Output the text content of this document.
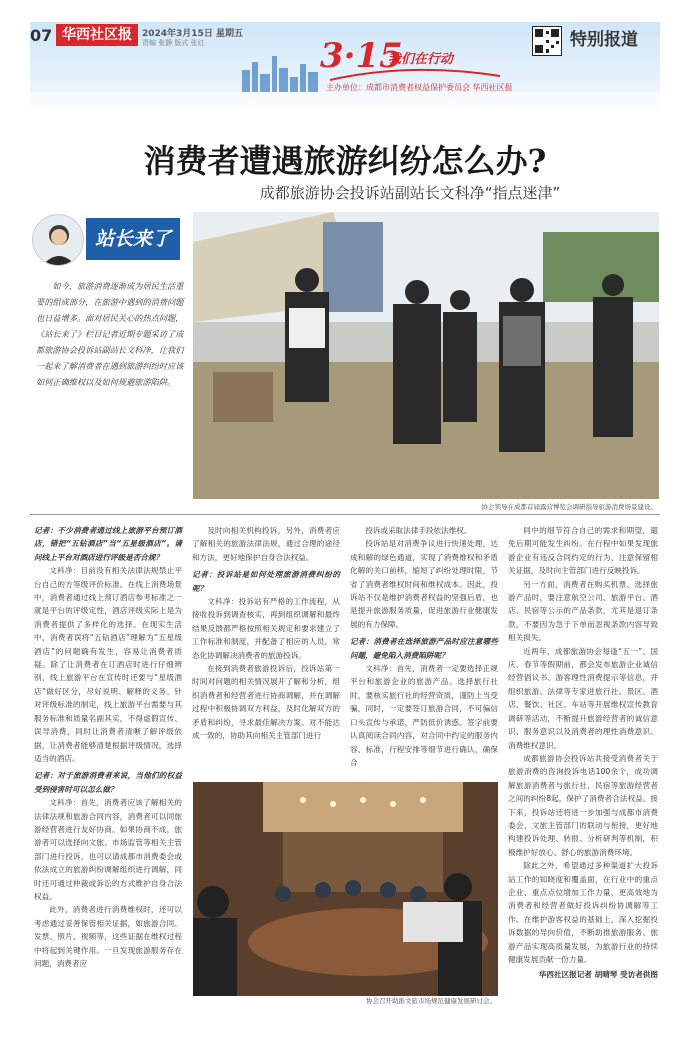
07 华西社区报	2024年3月15日 星期五
责编 张静 版式 张红	3·15
我们在行动
主办单位：成都市消费者权益保护委员会 华西社区报
特别报道
消费者遭遇旅游纠纷怎么办?
成都旅游协会投诉站副站长文科净“指点迷津”
站长来了
如今，旅游消费逐渐成为居民生活重要的组成部分，在旅游中遇到的消费问题也日益增多。面对居民关心的热点问题，《站长来了》栏目记者近期专题采访了成都旅游协会投诉站副站长文科净，让我们一起来了解消费者在遇到旅游纠纷时应该如何正确维权以及如何规避旅游陷阱。
协会领导在成都首届露营博览会调研指导旅游消费场景建设。

记者：不少消费者通过线上旅游平台预订酒店，错把“五钻酒店”当“五星级酒店”。请问线上平台对酒店进行评级是否合规？

文科净：目前没有相关法律法规禁止平台自己的方等级评价标准。在线上消费场景中，消费者通过线上预订酒店参考标准之一就是平台的评级定性，酒店评级实际上是为消费者提供了多样化的选择。在现实生活中，消费者误将“五钻酒店”理解为“五星级酒店”的问题确有发生，容易让消费者质疑。除了让消费者在订酒店时进行仔细辨别，线上旅游平台在宣传时还要与“星级酒店”做好区分，尽好说明、解释的义务。针对评级标准的制定，线上旅游平台需要与其服务标准和质量名副其实，不得虚假宣传、误导消费，同时让消费者清晰了解评级依据，让消费者能够清楚根据评级情况，选择适当的酒店。

记者：对于旅游消费者来说，当他们的权益受到侵害时可以怎么做？

文科净：首先，消费者应该了解相关的法律法规和旅游合同内容，消费者可以同旅游经营者进行友好协商。如果协商不成，旅游者可以选择向文旅、市场监管等相关主管部门进行投诉，也可以请成都市消费委会或依法成立的旅游纠纷调解组织进行调解，同时还可通过仲裁或诉讼的方式维护自身合法权益。

此外，消费者进行消费维权时，还可以考虑通过妥善保管相关证据，如旅游合同、发票、照片、视频等，这些证据在维权过程中将起到关键作用。一旦发现旅游服务存在问题，消费者应

及时向相关机构投诉，另外，消费者应了解相关的旅游法律法规，通过合理的途径和方法，更好地保护自身合法权益。

记者：投诉站是如何处理旅游消费纠纷的呢？

文科净：投诉站有严格的工作流程，从接收投诉到调查核实，再到组织调解和最终结果反馈都严格按照相关规定和要求建立了工作标准和制度，并配备了相应的人员，常态化协调解决消费者的旅游投诉。

在接到消费者旅游投诉后，投诉站第一时间对问题的相关情况展开了解和分析，组织消费者和经营者进行协商调解，并在调解过程中积极协调双方利益，及时化解双方的矛盾和纠纷，寻求最佳解决方案。对不能达成一致的，协助其向相关主管部门进行

投诉或采取法律手段依法维权。

投诉站是对消费争议进行快速处理，达成和解的绿色通道，实现了消费维权和矛盾化解的关口前移，缩短了纠纷处理时限，节省了消费者维权时间和维权成本。因此，投诉站不仅是维护消费者权益的坚强后盾，也是提升旅游服务质量，促进旅游行业健康发展的有力保障。

记者：消费者在选择旅游产品时应注意哪些问题，避免陷入消费陷阱呢？

文科净：首先，消费者一定要选择正规平台和旅游企业的旅游产品。选择旅行社时，要核实旅行社的经营资质，谨防上当受骗，同时，一定要签订旅游合同，不可偏信口头宣传与承诺，严防低价诱惑。签字前要认真阅读合同内容，对合同中约定的服务内容、标准，行程安排等细节进行确认，确保合

同中的细节符合自己的需求和期望，避免后期可能发生纠纷。在行程中如果发现旅游企业有违反合同约定的行为，注意保留相关证据，及时向主管部门进行反映投诉。

另一方面，消费者在购买机票、选择旅游产品时，要注意航空公司、旅游平台、酒店、民宿等公示的产品条款，尤其是退订条款，不要因为急于下单而忽视条款内容导致相关损失。

近两年，成都旅游协会每逢“五一”、国庆、春节等假期前，都会发布旅游企业诚信经营倡议书、游客理性消费提示等信息，并组织旅游、法律等专家进旅行社、景区、酒店、餐饮、社区、车站等开展维权宣传教育调研等活动，不断提升旅游经营者的诚信意识、服务意识以及消费者的理性消费意识、消费维权意识。

成都旅游协会投诉站共接受消费者关于旅游消费的咨询投诉电话100余个，成功调解旅游消费者与旅行社、民宿等旅游经营者之间的纠纷8起，保护了消费者合法权益。接下来，投诉站还将进一步加强与成都市消费委会、文旅主管部门的联动与衔接，更好地构建投诉处理、转报、分析研判等机制，积极维护好放心、舒心的旅游消费环境。

除此之外，希望通过多种渠道扩大投诉站工作的知晓度和覆盖面，在行业中的重点企业、重点点位增加工作力量，更高效地为消费者和经营者做好投诉纠纷协调解等工作。在维护游客权益的基础上，深入挖掘投诉数据的导向价值，不断助推旅游服务、旅游产品实现高质量发展，为旅游行业的持续健康发展贡献一份力量。

华西社区报记者 胡晴琴 受访者供图

协会召开助推文旅市场规范健康发展研讨会。
